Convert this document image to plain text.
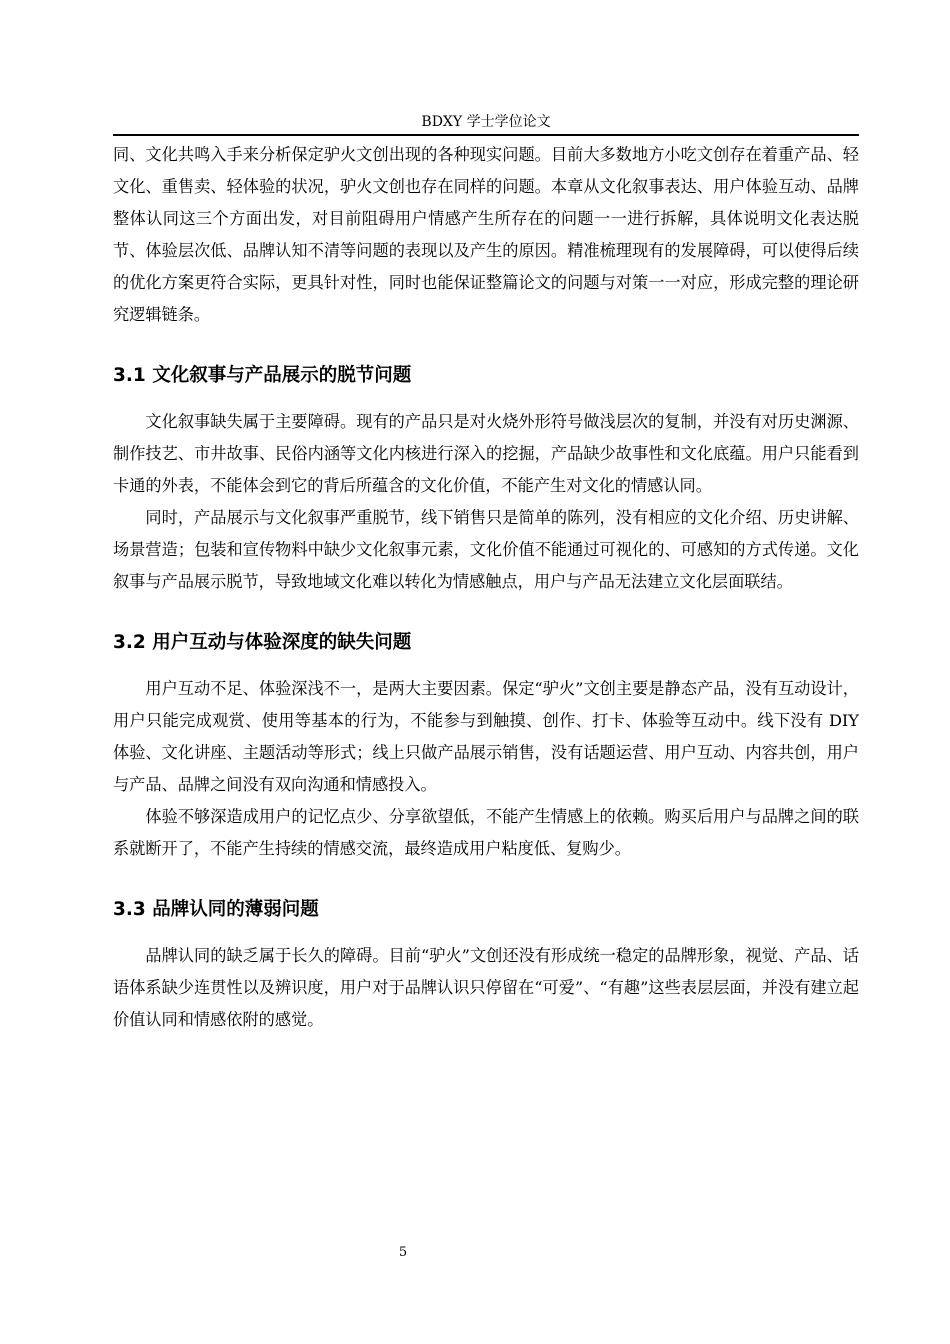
BDXY 学士学位论文

同、文化共鸣入手来分析保定驴火文创出现的各种现实问题。目前大多数地方小吃文创存在着重产品、轻文化、重售卖、轻体验的状况，驴火文创也存在同样的问题。本章从文化叙事表达、用户体验互动、品牌整体认同这三个方面出发，对目前阻碍用户情感产生所存在的问题一一进行拆解，具体说明文化表达脱节、体验层次低、品牌认知不清等问题的表现以及产生的原因。精准梳理现有的发展障碍，可以使得后续的优化方案更符合实际，更具针对性，同时也能保证整篇论文的问题与对策一一对应，形成完整的理论研究逻辑链条。

3.1 文化叙事与产品展示的脱节问题

文化叙事缺失属于主要障碍。现有的产品只是对火烧外形符号做浅层次的复制，并没有对历史渊源、制作技艺、市井故事、民俗内涵等文化内核进行深入的挖掘，产品缺少故事性和文化底蕴。用户只能看到卡通的外表，不能体会到它的背后所蕴含的文化价值，不能产生对文化的情感认同。

同时，产品展示与文化叙事严重脱节，线下销售只是简单的陈列，没有相应的文化介绍、历史讲解、场景营造；包装和宣传物料中缺少文化叙事元素，文化价值不能通过可视化的、可感知的方式传递。文化叙事与产品展示脱节，导致地域文化难以转化为情感触点，用户与产品无法建立文化层面联结。

3.2 用户互动与体验深度的缺失问题

用户互动不足、体验深浅不一，是两大主要因素。保定“驴火”文创主要是静态产品，没有互动设计，用户只能完成观赏、使用等基本的行为，不能参与到触摸、创作、打卡、体验等互动中。线下没有 DIY 体验、文化讲座、主题活动等形式；线上只做产品展示销售，没有话题运营、用户互动、内容共创，用户与产品、品牌之间没有双向沟通和情感投入。

体验不够深造成用户的记忆点少、分享欲望低，不能产生情感上的依赖。购买后用户与品牌之间的联系就断开了，不能产生持续的情感交流，最终造成用户粘度低、复购少。

3.3 品牌认同的薄弱问题

品牌认同的缺乏属于长久的障碍。目前“驴火”文创还没有形成统一稳定的品牌形象，视觉、产品、话语体系缺少连贯性以及辨识度，用户对于品牌认识只停留在“可爱”、“有趣”这些表层层面，并没有建立起价值认同和情感依附的感觉。

5
